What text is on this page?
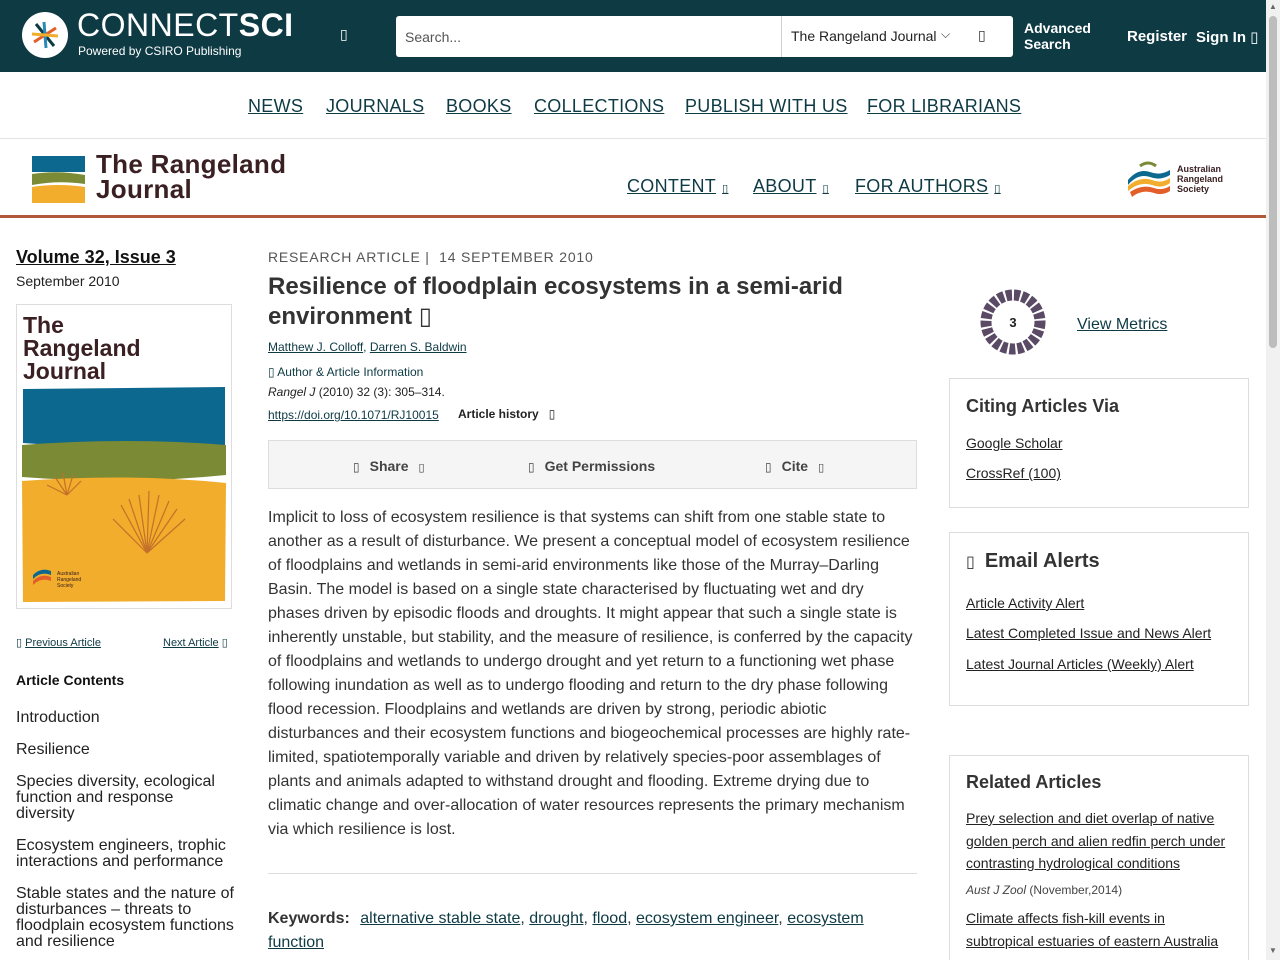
CONNECTSCI
Powered by CSIRO Publishing
▯	Search...	The Rangeland Journal ⌵ ▯	Advanced
Search	Register Sign In ▯
NEWS JOURNALS BOOKS COLLECTIONS PUBLISH WITH US FOR LIBRARIANS
The Rangeland
Journal	CONTENT ▯ ABOUT ▯ FOR AUTHORS ▯
Australian
Rangeland
Society
Volume 32, Issue 3
September 2010
The
Rangeland
Journal
Australian
Rangeland
Society
▯ Previous Article	Next Article ▯
Article Contents
Introduction
Resilience
Species diversity, ecological function and response diversity
Ecosystem engineers, trophic interactions and performance
Stable states and the nature of disturbances – threats to floodplain ecosystem functions and resilience
RESEARCH ARTICLE | 14 SEPTEMBER 2010
Resilience of floodplain ecosystems in a semi-arid environment ▯
Matthew J. Colloff, Darren S. Baldwin
▯ Author & Article Information
Rangel J (2010) 32 (3): 305–314.
https://doi.org/10.1071/RJ10015 Article history ▯
▯ Share ▯	▯ Get Permissions	▯ Cite ▯
Implicit to loss of ecosystem resilience is that systems can shift from one stable state to another as a result of disturbance. We present a conceptual model of ecosystem resilience of floodplains and wetlands in semi-arid environments like those of the Murray–Darling Basin. The model is based on a single state characterised by fluctuating wet and dry phases driven by episodic floods and droughts. It might appear that such a single state is inherently unstable, but stability, and the measure of resilience, is conferred by the capacity of floodplains and wetlands to undergo drought and yet return to a functioning wet phase following inundation as well as to undergo flooding and return to the dry phase following flood recession. Floodplains and wetlands are driven by strong, periodic abiotic disturbances and their ecosystem functions and biogeochemical processes are highly rate-limited, spatiotemporally variable and driven by relatively species-poor assemblages of plants and animals adapted to withstand drought and flooding. Extreme drying due to climatic change and over-allocation of water resources represents the primary mechanism via which resilience is lost.
Keywords: alternative stable state, drought, flood, ecosystem engineer, ecosystem function
3	View Metrics
Citing Articles Via
Google Scholar
CrossRef (100)
▯ Email Alerts
Article Activity Alert
Latest Completed Issue and News Alert
Latest Journal Articles (Weekly) Alert
Related Articles
Prey selection and diet overlap of native golden perch and alien redfin perch under contrasting hydrological conditions
Aust J Zool (November,2014)
Climate affects fish-kill events in subtropical estuaries of eastern Australia
▲
▼
